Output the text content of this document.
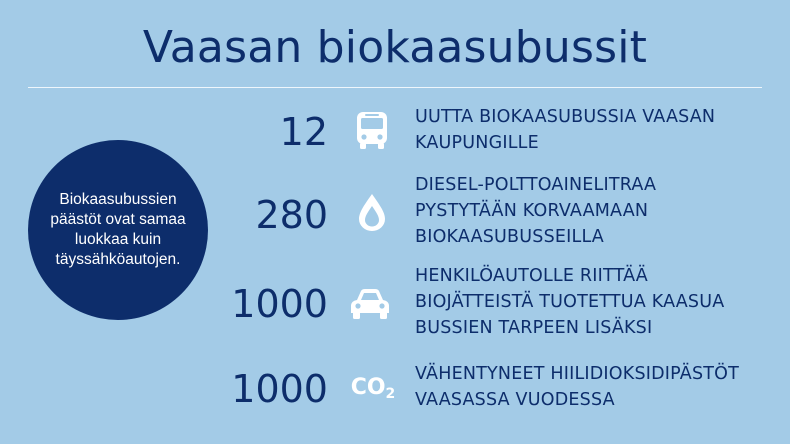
Vaasan biokaasubussit
Biokaasubussien päästöt ovat samaa luokkaa kuin täyssähköautojen.
12	UUTTA BIOKAASUBUSSIA VAASAN
KAUPUNGILLE
280
DIESEL-POLTTOAINELITRAA
PYSTYTÄÄN KORVAAMAAN
BIOKAASUBUSSEILLA
1000
HENKILÖAUTOLLE RIITTÄÄ
BIOJÄTTEISTÄ TUOTETTUA KAASUA
BUSSIEN TARPEEN LISÄKSI
1000 $CO_2$
VÄHENTYNEET HIILIDIOKSIDIPÄSTÖT
VAASASSA VUODESSA
